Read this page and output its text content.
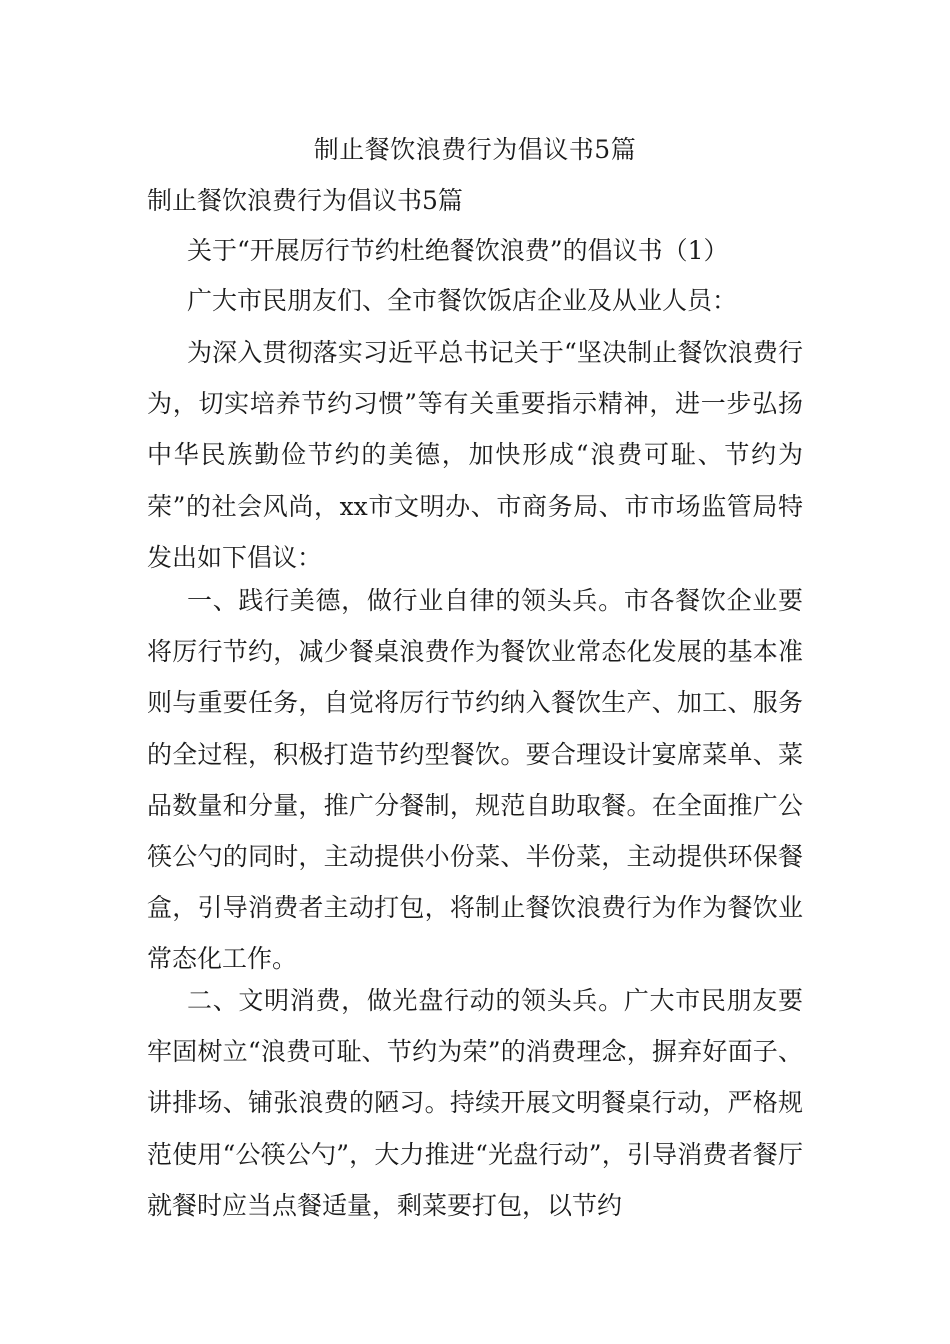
制止餐饮浪费行为倡议书5篇

制止餐饮浪费行为倡议书5篇

关于“开展厉行节约杜绝餐饮浪费”的倡议书（1）

广大市民朋友们、全市餐饮饭店企业及从业人员：

为深入贯彻落实习近平总书记关于“坚决制止餐饮浪费行为，切实培养节约习惯”等有关重要指示精神，进一步弘扬中华民族勤俭节约的美德，加快形成“浪费可耻、节约为荣”的社会风尚，xx市文明办、市商务局、市市场监管局特发出如下倡议：

一、践行美德，做行业自律的领头兵。市各餐饮企业要将厉行节约，减少餐桌浪费作为餐饮业常态化发展的基本准则与重要任务，自觉将厉行节约纳入餐饮生产、加工、服务的全过程，积极打造节约型餐饮。要合理设计宴席菜单、菜品数量和分量，推广分餐制，规范自助取餐。在全面推广公筷公勺的同时，主动提供小份菜、半份菜，主动提供环保餐盒，引导消费者主动打包，将制止餐饮浪费行为作为餐饮业常态化工作。

二、文明消费，做光盘行动的领头兵。广大市民朋友要牢固树立“浪费可耻、节约为荣”的消费理念，摒弃好面子、讲排场、铺张浪费的陋习。持续开展文明餐桌行动，严格规范使用“公筷公勺”，大力推进“光盘行动”，引导消费者餐厅就餐时应当点餐适量，剩菜要打包，以节约
